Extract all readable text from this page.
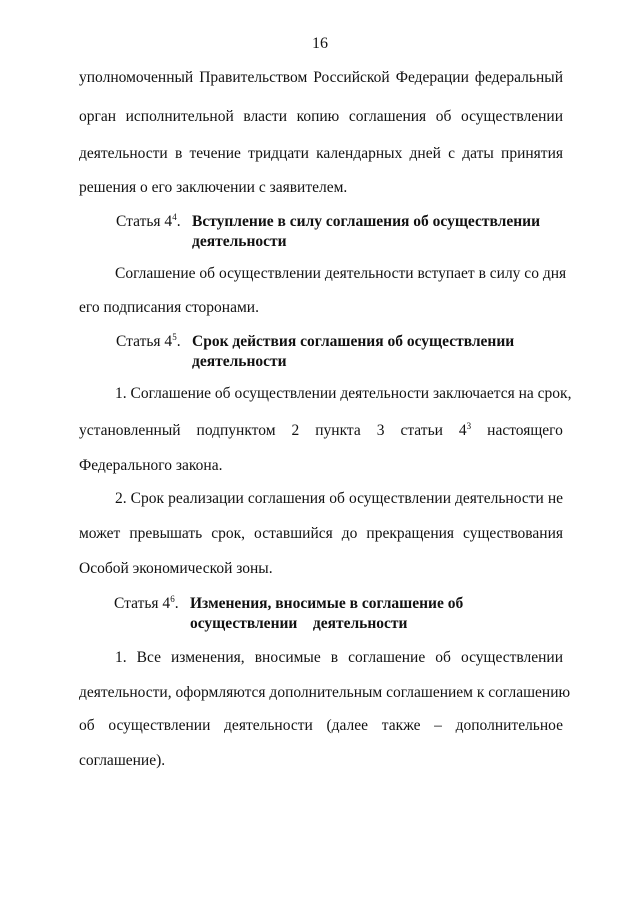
16
уполномоченный Правительством Российской Федерации федеральный
орган исполнительной власти копию соглашения об осуществлении
деятельности в течение тридцати календарных дней с даты принятия
решения о его заключении с заявителем.
Статья $4^4$. Вступление в силу соглашения об осуществлении
деятельности
Соглашение об осуществлении деятельности вступает в силу со дня
его подписания сторонами.
Статья $4^5$. Срок действия соглашения об осуществлении
деятельности
1. Соглашение об осуществлении деятельности заключается на срок,
установленный подпунктом 2 пункта 3 статьи $4^3$ настоящего
Федерального закона.
2. Срок реализации соглашения об осуществлении деятельности не
может превышать срок, оставшийся до прекращения существования
Особой экономической зоны.
Статья $4^6$. Изменения, вносимые в соглашение об
осуществлении    деятельности
1. Все изменения, вносимые в соглашение об осуществлении
деятельности, оформляются дополнительным соглашением к соглашению
об осуществлении деятельности (далее также – дополнительное
соглашение).
